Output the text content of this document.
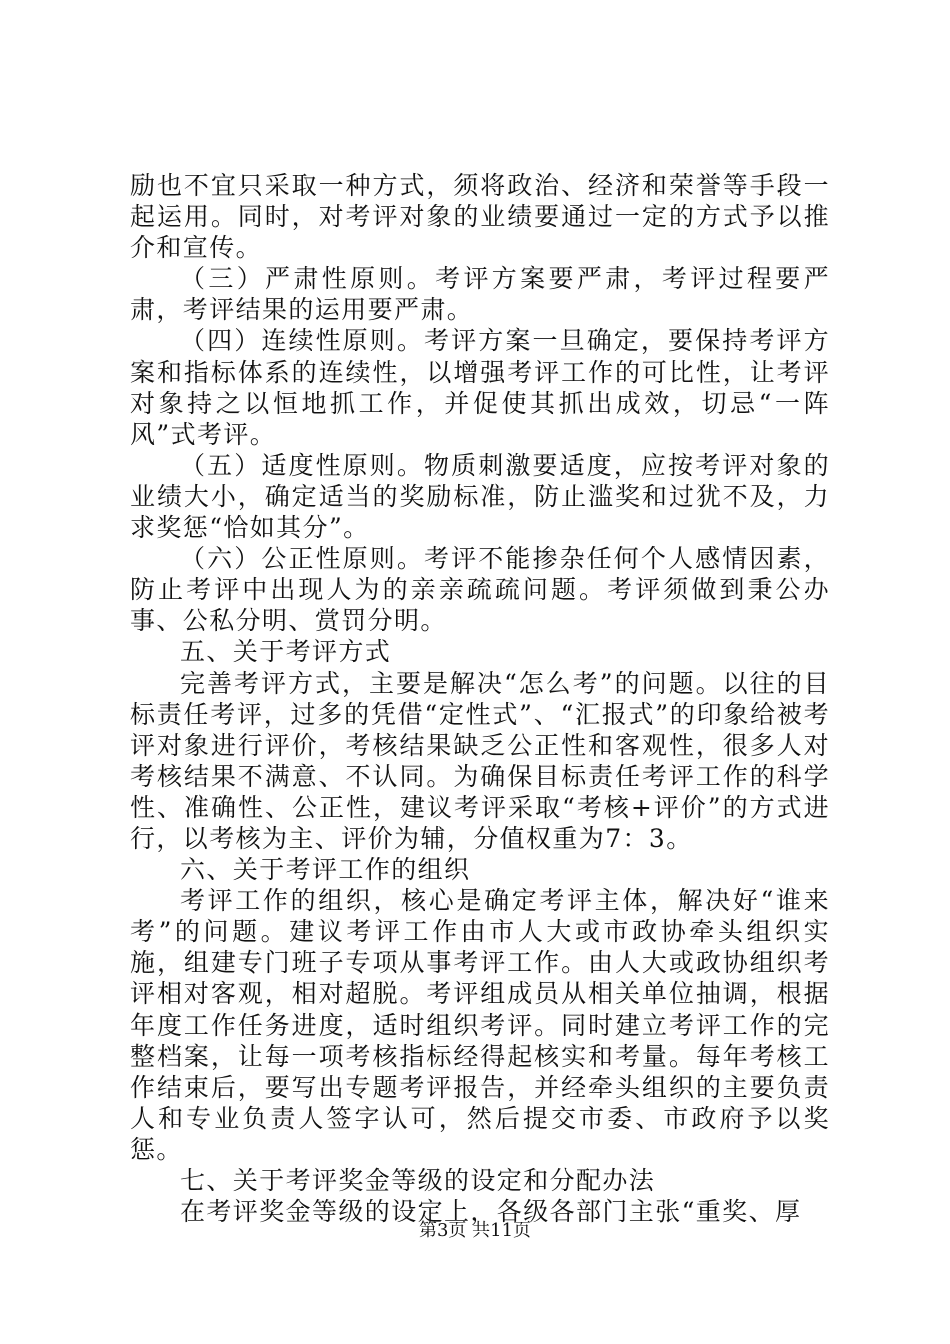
励也不宜只采取一种方式，须将政治、经济和荣誉等手段一起运用。同时，对考评对象的业绩要通过一定的方式予以推介和宣传。

（三）严肃性原则。考评方案要严肃，考评过程要严肃，考评结果的运用要严肃。

（四）连续性原则。考评方案一旦确定，要保持考评方案和指标体系的连续性，以增强考评工作的可比性，让考评对象持之以恒地抓工作，并促使其抓出成效，切忌“一阵风”式考评。

（五）适度性原则。物质刺激要适度，应按考评对象的业绩大小，确定适当的奖励标准，防止滥奖和过犹不及，力求奖惩“恰如其分”。

（六）公正性原则。考评不能掺杂任何个人感情因素，防止考评中出现人为的亲亲疏疏问题。考评须做到秉公办事、公私分明、赏罚分明。

五、关于考评方式

完善考评方式，主要是解决“怎么考”的问题。以往的目标责任考评，过多的凭借“定性式”、“汇报式”的印象给被考评对象进行评价，考核结果缺乏公正性和客观性，很多人对考核结果不满意、不认同。为确保目标责任考评工作的科学性、准确性、公正性，建议考评采取“考核+评价”的方式进行，以考核为主、评价为辅，分值权重为7：3。

六、关于考评工作的组织

考评工作的组织，核心是确定考评主体，解决好“谁来考”的问题。建议考评工作由市人大或市政协牵头组织实施，组建专门班子专项从事考评工作。由人大或政协组织考评相对客观，相对超脱。考评组成员从相关单位抽调，根据年度工作任务进度，适时组织考评。同时建立考评工作的完整档案，让每一项考核指标经得起核实和考量。每年考核工作结束后，要写出专题考评报告，并经牵头组织的主要负责人和专业负责人签字认可，然后提交市委、市政府予以奖惩。

七、关于考评奖金等级的设定和分配办法

在考评奖金等级的设定上，各级各部门主张“重奖、厚

第3页 共11页
